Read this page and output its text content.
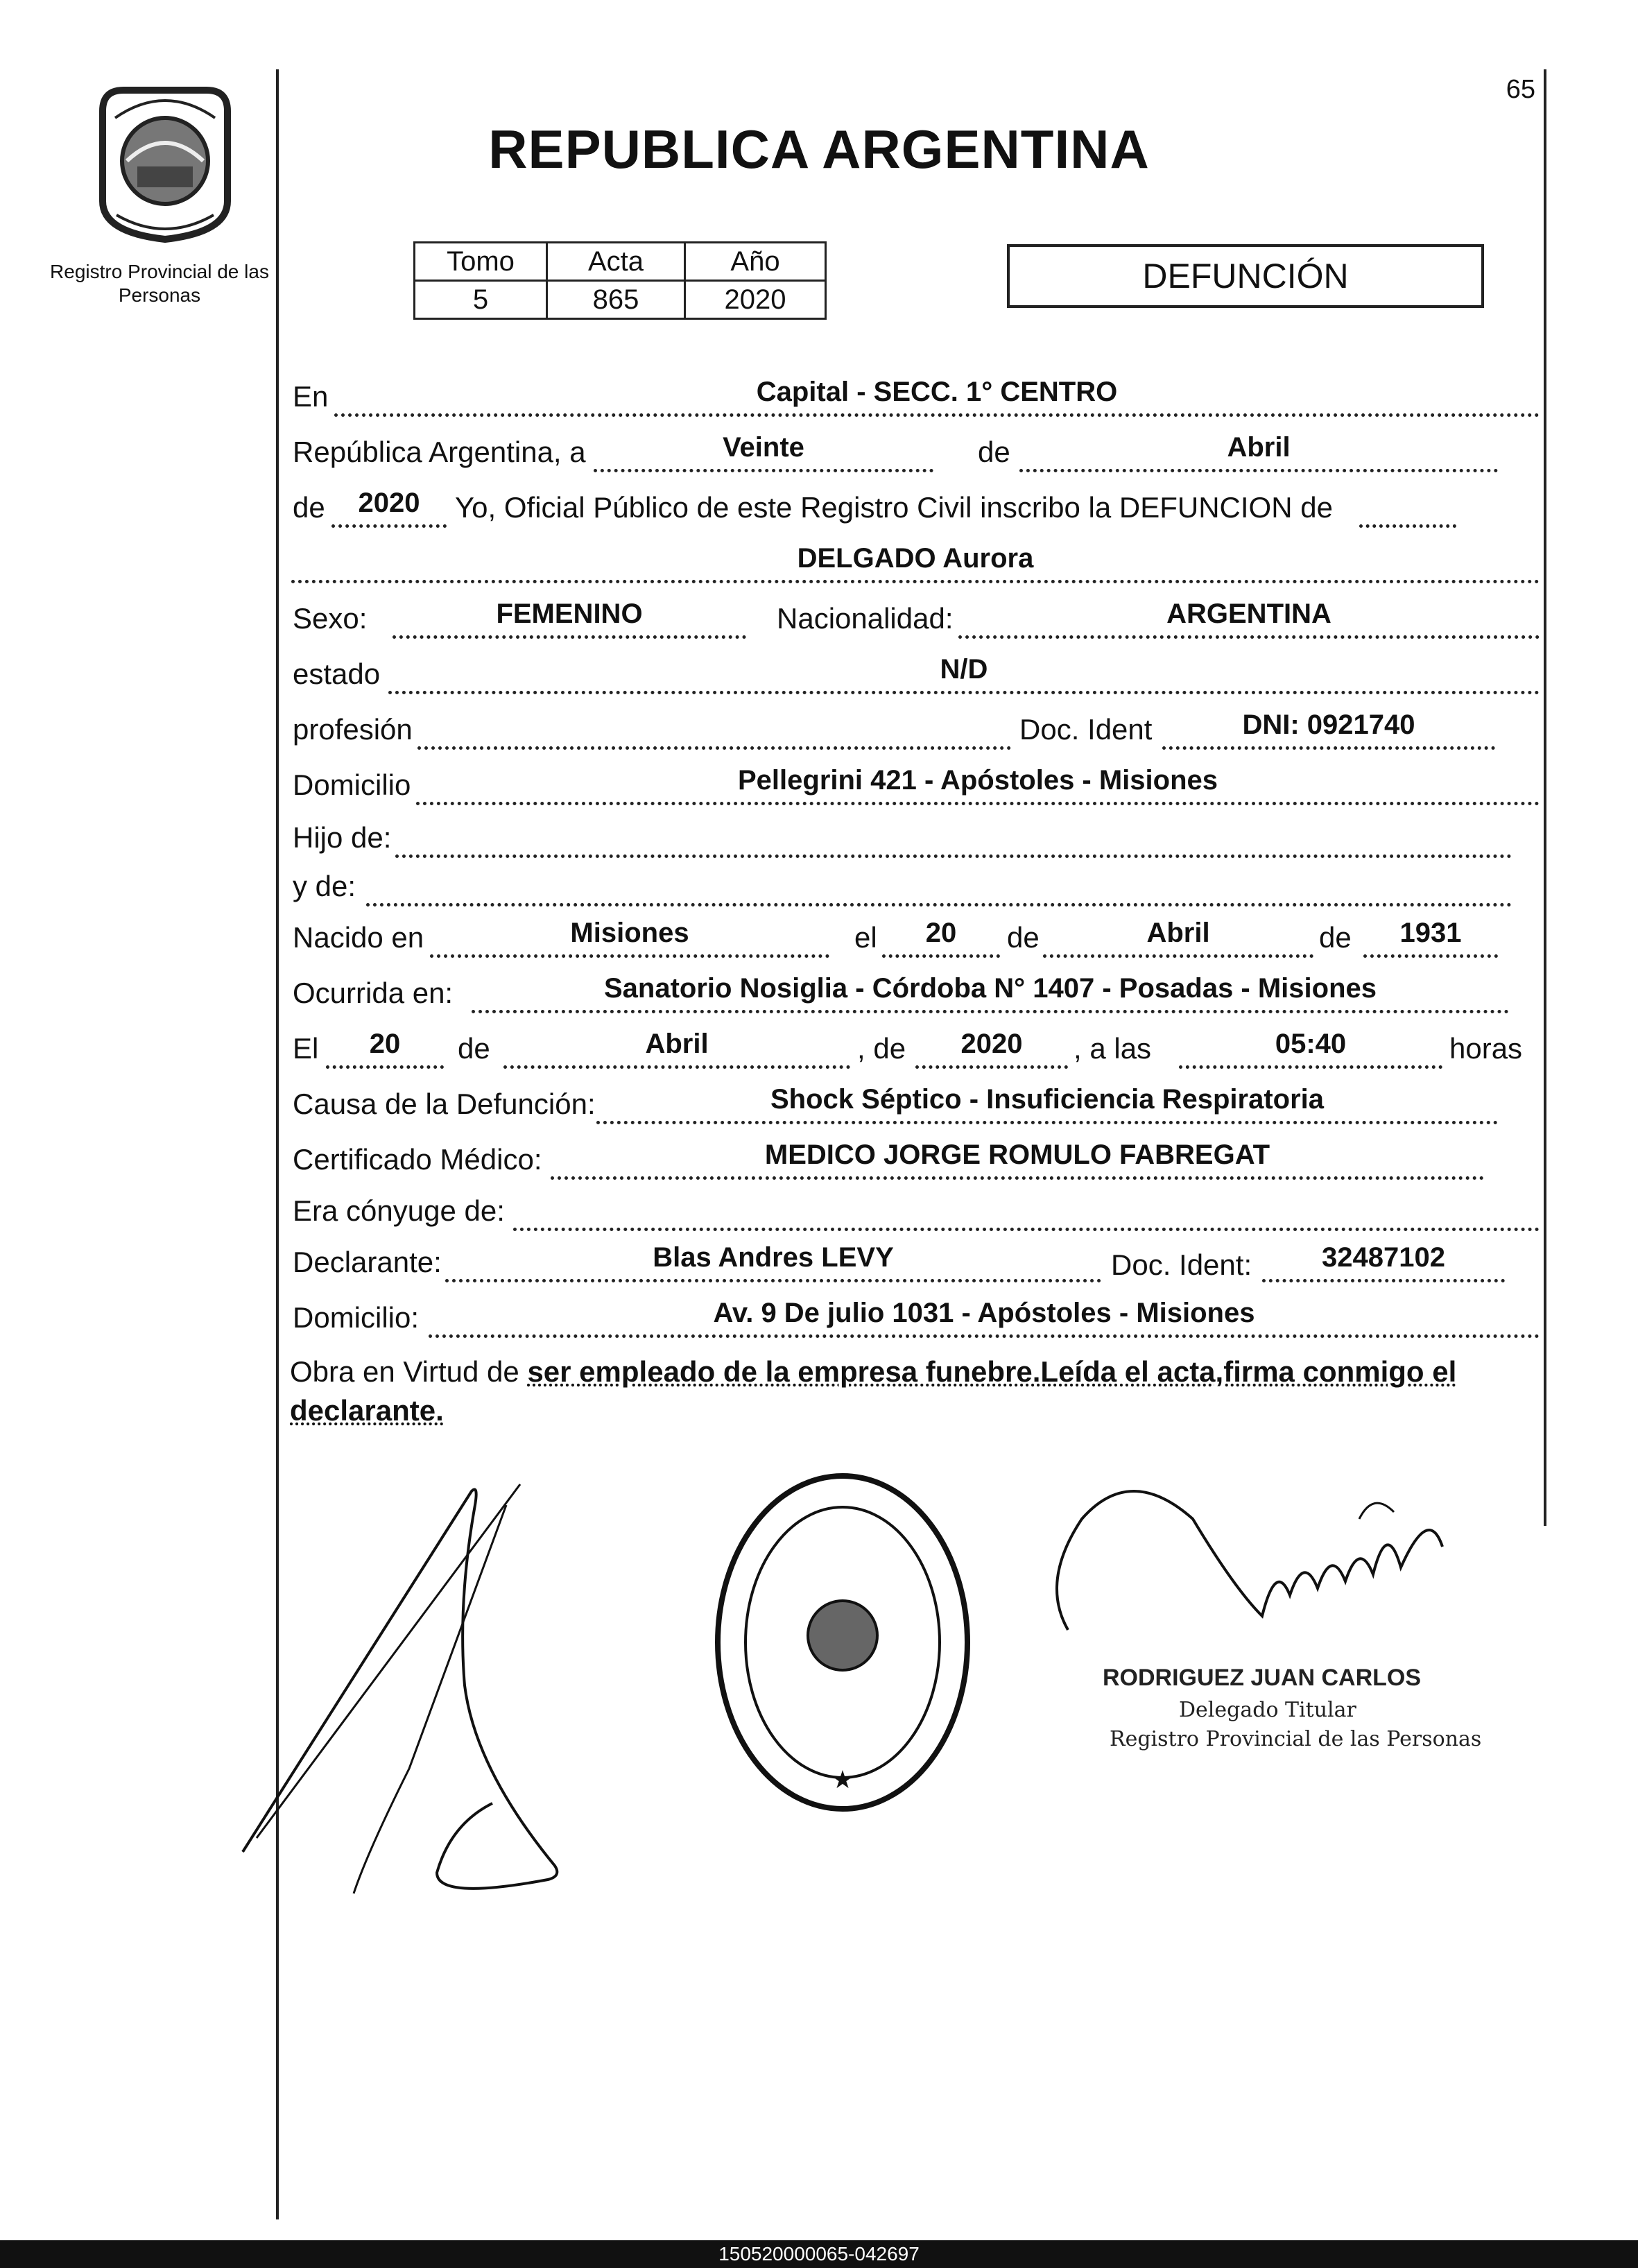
Registro Provincial de las Personas
65
REPUBLICA ARGENTINA
Tomo	Acta	Año
5	865	2020
DEFUNCIÓN
En	Capital - SECC. 1° CENTRO
República Argentina, a	Veinte	de	Abril
de	2020	Yo, Oficial Público de este Registro Civil inscribo la DEFUNCION de
DELGADO Aurora
Sexo:	FEMENINO	Nacionalidad:	ARGENTINA
estado	N/D
profesión	Doc. Ident	DNI: 0921740
Domicilio	Pellegrini 421 - Apóstoles - Misiones
Hijo de:
y de:
Nacido en	Misiones	el	20	de	Abril	de	1931
Ocurrida en:	Sanatorio Nosiglia - Córdoba N° 1407 - Posadas - Misiones
El	20	de	Abril	, de	2020	, a las	05:40	horas
Causa de la Defunción:	Shock Séptico - Insuficiencia Respiratoria
Certificado Médico:	MEDICO JORGE ROMULO FABREGAT
Era cónyuge de:
Declarante:	Blas Andres LEVY	Doc. Ident:	32487102
Domicilio:	Av. 9 De julio 1031 - Apóstoles - Misiones
Obra en Virtud de ser empleado de la empresa funebre.Leída el acta,firma conmigo el declarante.
★
RODRIGUEZ JUAN CARLOS
Delegado Titular
Registro Provincial de las Personas
150520000065-042697
